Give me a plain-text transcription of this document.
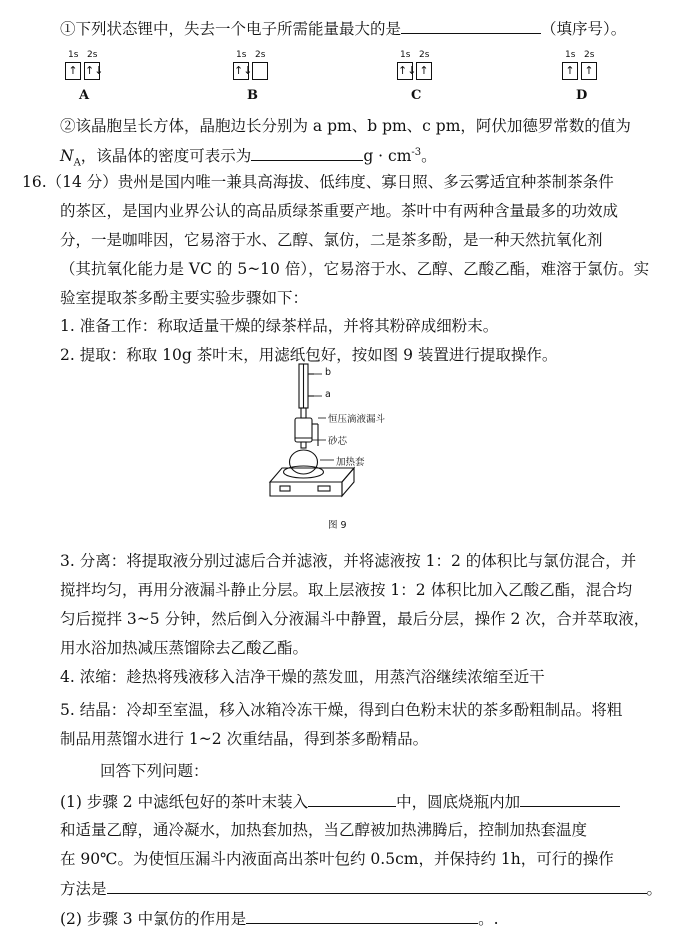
①下列状态锂中，失去一个电子所需能量最大的是	（填序号）。
1s 2s
↑ ↑↓
A
1s 2s
↑↓
B
1s 2s
↑↓ ↑
C
1s 2s
↑ ↑
D
②该晶胞呈长方体，晶胞边长分别为 a pm、b pm、c pm，阿伏加德罗常数的值为
$N_A$，该晶体的密度可表示为	$g \cdot cm^{-3}$。
16.（14 分）贵州是国内唯一兼具高海拔、低纬度、寡日照、多云雾适宜种茶制茶条件
的茶区，是国内业界公认的高品质绿茶重要产地。茶叶中有两种含量最多的功效成
分，一是咖啡因，它易溶于水、乙醇、氯仿，二是茶多酚，是一种天然抗氧化剂
（其抗氧化能力是 VC 的 5~10 倍），它易溶于水、乙醇、乙酸乙酯，难溶于氯仿。实
验室提取茶多酚主要实验步骤如下：
1. 准备工作：称取适量干燥的绿茶样品，并将其粉碎成细粉末。
2. 提取：称取 10g 茶叶末，用滤纸包好，按如图 9 装置进行提取操作。
b
a
恒压滴液漏斗
砂芯
加热套
图 9
3. 分离：将提取液分别过滤后合并滤液，并将滤液按 1：2 的体积比与氯仿混合，并
搅拌均匀，再用分液漏斗静止分层。取上层液按 1：2 体积比加入乙酸乙酯，混合均
匀后搅拌 3~5 分钟，然后倒入分液漏斗中静置，最后分层，操作 2 次，合并萃取液，
用水浴加热减压蒸馏除去乙酸乙酯。
4. 浓缩：趁热将残液移入洁净干燥的蒸发皿，用蒸汽浴继续浓缩至近干
5. 结晶：冷却至室温，移入冰箱冷冻干燥，得到白色粉末状的茶多酚粗制品。将粗
制品用蒸馏水进行 1~2 次重结晶，得到茶多酚精品。
回答下列问题：
(1) 步骤 2 中滤纸包好的茶叶末装入	中，圆底烧瓶内加
和适量乙醇，通冷凝水，加热套加热，当乙醇被加热沸腾后，控制加热套温度
在 90℃。为使恒压漏斗内液面高出茶叶包约 0.5cm，并保持约 1h，可行的操作
方法是	。
(2) 步骤 3 中氯仿的作用是	。.
